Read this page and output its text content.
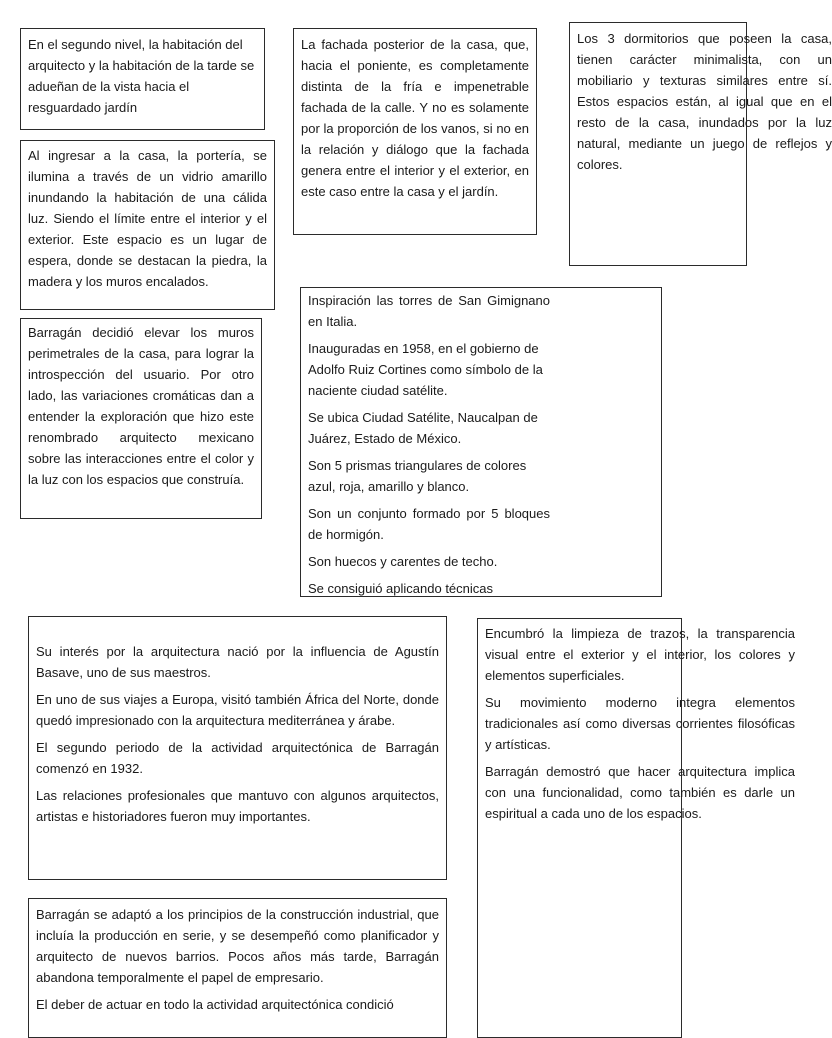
En el segundo nivel, la habitación del arquitecto y la habitación de la tarde se adueñan de la vista hacia el resguardado jardín

Al ingresar a la casa, la portería, se ilumina a través de un vidrio amarillo inundando la habitación de una cálida luz. Siendo el límite entre el interior y el exterior. Este espacio es un lugar de espera, donde se destacan la piedra, la madera y los muros encalados.

Barragán decidió elevar los muros perimetrales de la casa, para lograr la introspección del usuario. Por otro lado, las variaciones cromáticas dan a entender la exploración que hizo este renombrado arquitecto mexicano sobre las interacciones entre el color y la luz con los espacios que construía.

La fachada posterior de la casa, que, hacia el poniente, es completamente distinta de la fría e impenetrable fachada de la calle. Y no es solamente por la proporción de los vanos, si no en la relación y diálogo que la fachada genera entre el interior y el exterior, en este caso entre la casa y el jardín.

Los 3 dormitorios que poseen la casa, tienen carácter minimalista, con un mobiliario y texturas similares entre sí. Estos espacios están, al igual que en el resto de la casa, inundados por la luz natural, mediante un juego de reflejos y colores.

Inspiración las torres de San Gimignano en Italia.

Inauguradas en 1958, en el gobierno de Adolfo Ruiz Cortines como símbolo de la naciente ciudad satélite.

Se ubica Ciudad Satélite, Naucalpan de Juárez, Estado de México.

Son 5 prismas triangulares de colores azul, roja, amarillo y blanco.

Son un conjunto formado por 5 bloques de hormigón.

Son huecos y carentes de techo.

Se consiguió aplicando técnicas

Su interés por la arquitectura nació por la influencia de Agustín Basave, uno de sus maestros.

En uno de sus viajes a Europa, visitó también África del Norte, donde quedó impresionado con la arquitectura mediterránea y árabe.

El segundo periodo de la actividad arquitectónica de Barragán comenzó en 1932.

Las relaciones profesionales que mantuvo con algunos arquitectos, artistas e historiadores fueron muy importantes.

Encumbró la limpieza de trazos, la transparencia visual entre el exterior y el interior, los colores y elementos superficiales.

Su movimiento moderno integra elementos tradicionales así como diversas corrientes filosóficas y artísticas.

Barragán demostró que hacer arquitectura implica con una funcionalidad, como también es darle un espiritual a cada uno de los espacios.

Barragán se adaptó a los principios de la construcción industrial, que incluía la producción en serie, y se desempeñó como planificador y arquitecto de nuevos barrios. Pocos años más tarde, Barragán abandona temporalmente el papel de empresario.

El deber de actuar en todo la actividad arquitectónica condició
